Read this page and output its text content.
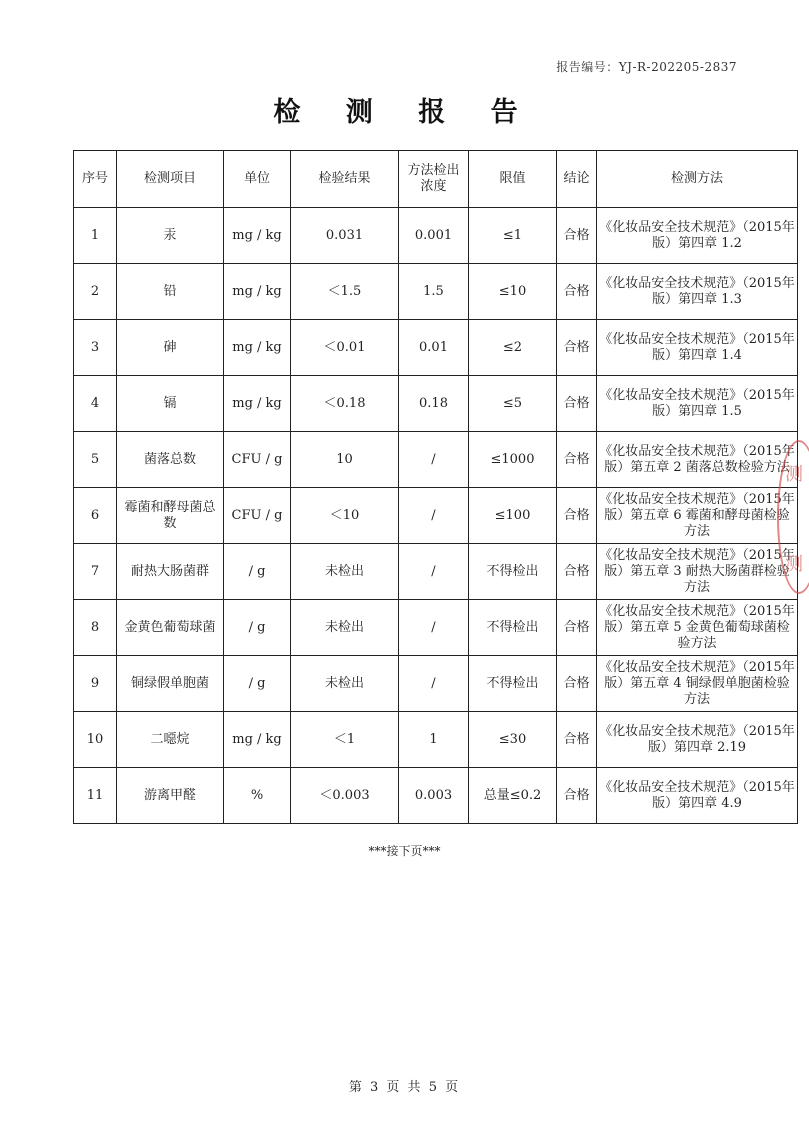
报告编号：YJ-R-202205-2837
检 测 报 告
序号	检测项目	单位	检验结果	方法检出浓度	限值	结论	检测方法
1	汞	mg / kg	0.031	0.001	≤1	合格	《化妆品安全技术规范》（2015年版）第四章 1.2
2	铅	mg / kg	＜1.5	1.5	≤10	合格	《化妆品安全技术规范》（2015年版）第四章 1.3
3	砷	mg / kg	＜0.01	0.01	≤2	合格	《化妆品安全技术规范》（2015年版）第四章 1.4
4	镉	mg / kg	＜0.18	0.18	≤5	合格	《化妆品安全技术规范》（2015年版）第四章 1.5
5	菌落总数	CFU / g	10	/	≤1000	合格	《化妆品安全技术规范》（2015年版）第五章 2 菌落总数检验方法
6	霉菌和酵母菌总数	CFU / g	＜10	/	≤100	合格	《化妆品安全技术规范》（2015年版）第五章 6 霉菌和酵母菌检验方法
7	耐热大肠菌群	/ g	未检出	/	不得检出	合格	《化妆品安全技术规范》（2015年版）第五章 3 耐热大肠菌群检验方法
8	金黄色葡萄球菌	/ g	未检出	/	不得检出	合格	《化妆品安全技术规范》（2015年版）第五章 5 金黄色葡萄球菌检验方法
9	铜绿假单胞菌	/ g	未检出	/	不得检出	合格	《化妆品安全技术规范》（2015年版）第五章 4 铜绿假单胞菌检验方法
10	二噁烷	mg / kg	＜1	1	≤30	合格	《化妆品安全技术规范》（2015年版）第四章 2.19
11	游离甲醛	%	＜0.003	0.003	总量≤0.2	合格	《化妆品安全技术规范》（2015年版）第四章 4.9
***接下页***
第 3 页 共 5 页
测
测
